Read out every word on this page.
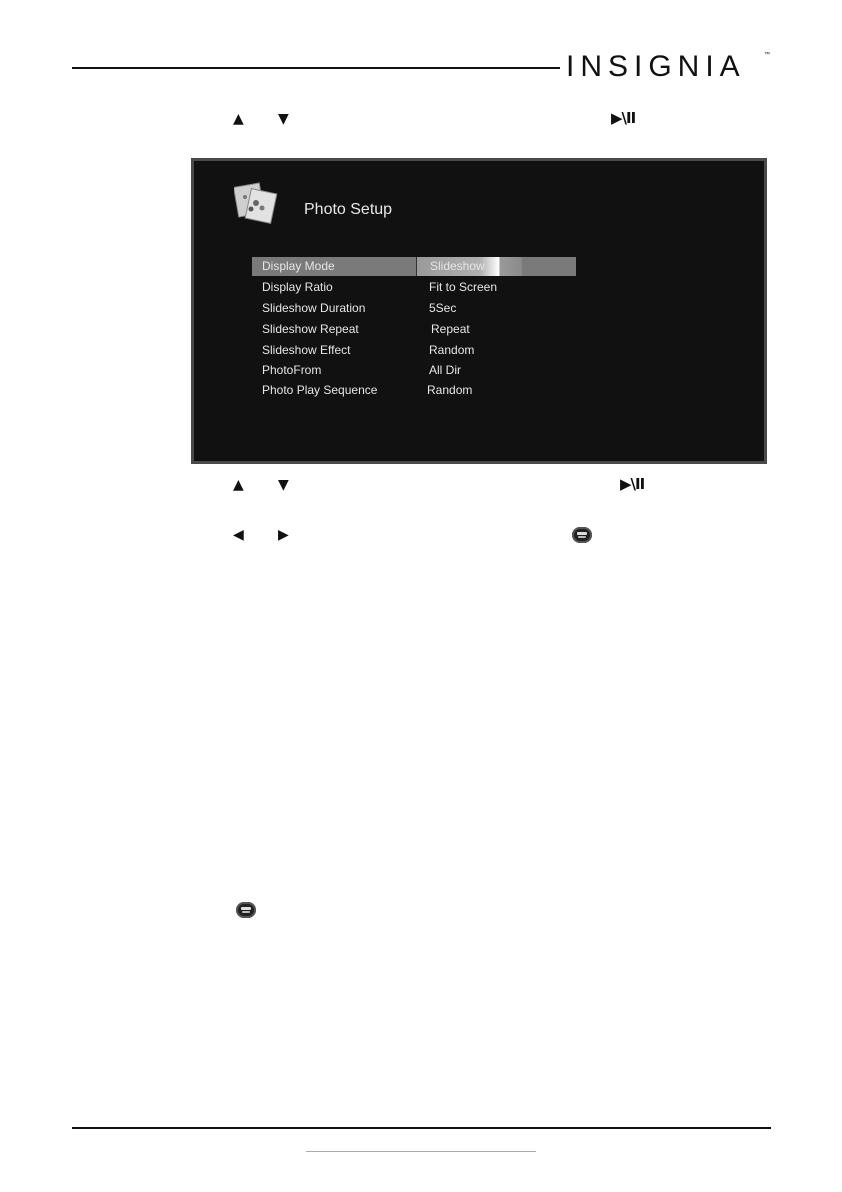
INSIGNIA	™
▲ ▼	▶\II
Photo Setup
Display Mode	Slideshow
Display Ratio	Fit to Screen
Slideshow Duration	5Sec
Slideshow Repeat	Repeat
Slideshow Effect	Random
PhotoFrom	All Dir
Photo Play Sequence	Random
▲ ▼	▶\II
◀ ▶
